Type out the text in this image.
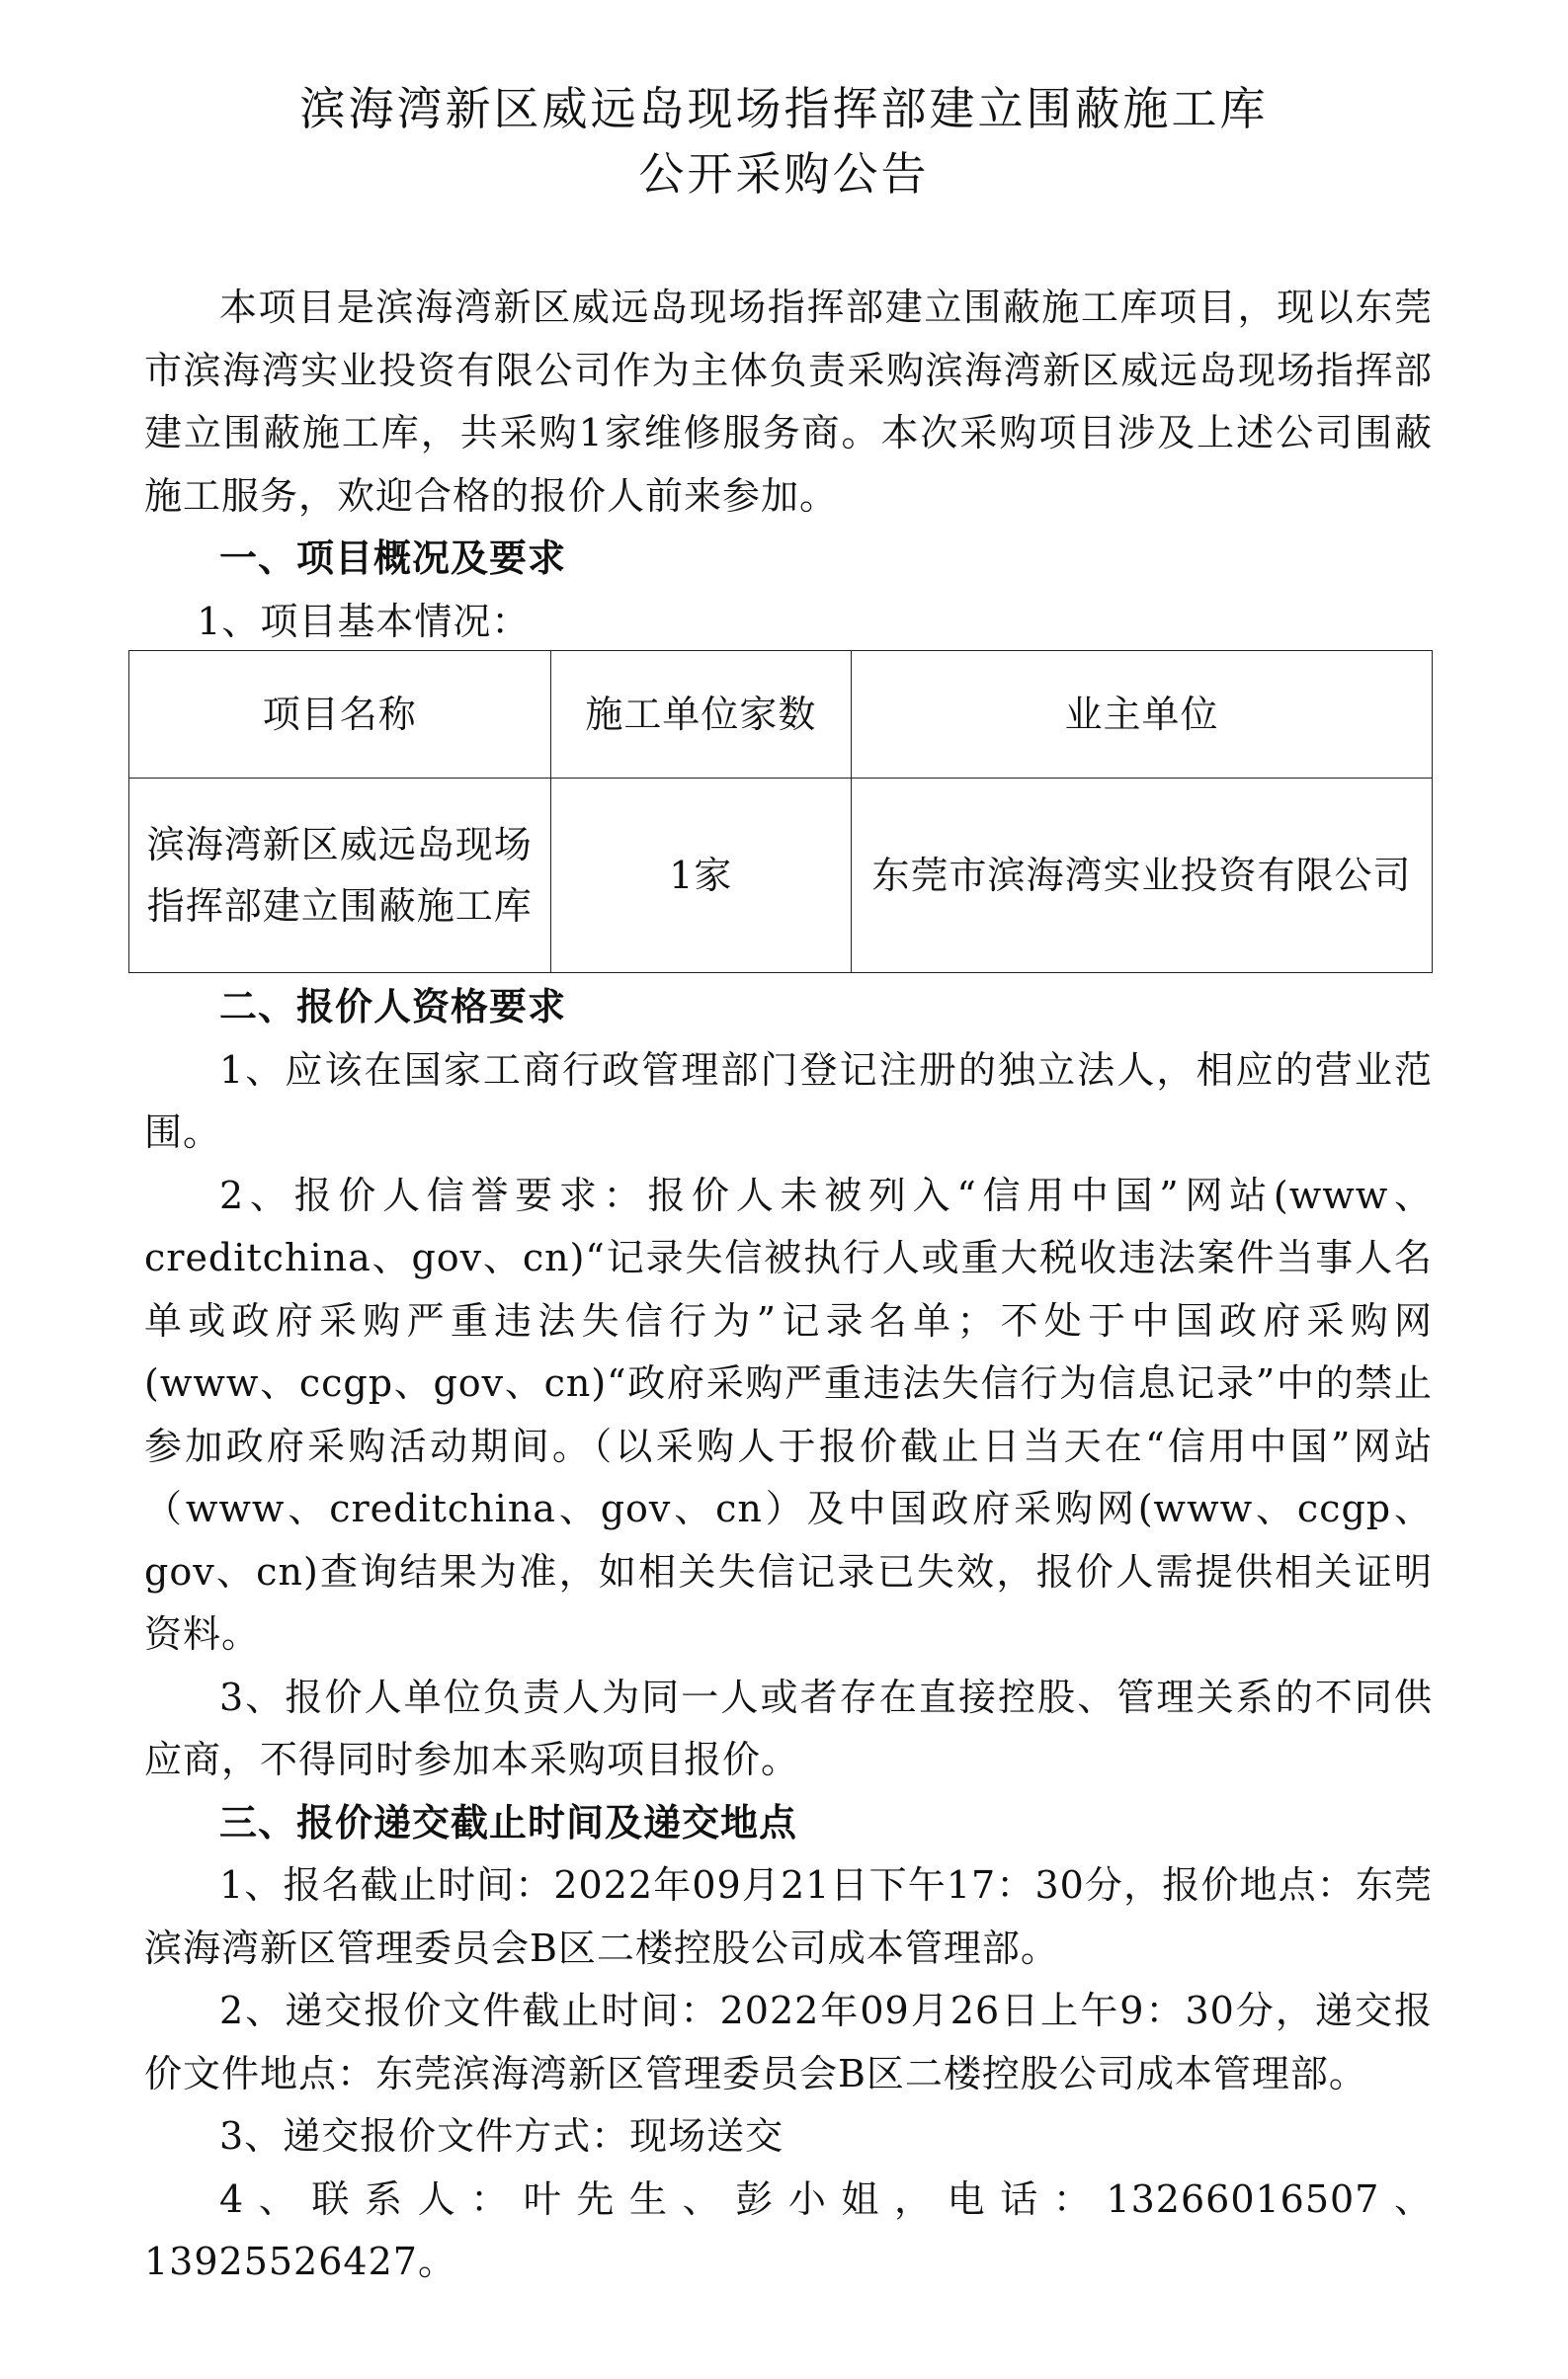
滨海湾新区威远岛现场指挥部建立围蔽施工库
公开采购公告

本项目是滨海湾新区威远岛现场指挥部建立围蔽施工库项目，现以东莞市滨海湾实业投资有限公司作为主体负责采购滨海湾新区威远岛现场指挥部建立围蔽施工库，共采购1家维修服务商。本次采购项目涉及上述公司围蔽施工服务，欢迎合格的报价人前来参加。

一、项目概况及要求

1、项目基本情况：

项目名称	施工单位家数	业主单位
滨海湾新区威远岛现场指挥部建立围蔽施工库	1家	东莞市滨海湾实业投资有限公司

二、报价人资格要求

1、应该在国家工商行政管理部门登记注册的独立法人，相应的营业范围。

2、报价人信誉要求：报价人未被列入“信用中国”网站(www、creditchina、gov、cn)“记录失信被执行人或重大税收违法案件当事人名单或政府采购严重违法失信行为”记录名单；不处于中国政府采购网(www、ccgp、gov、cn)“政府采购严重违法失信行为信息记录”中的禁止参加政府采购活动期间。（以采购人于报价截止日当天在“信用中国”网站（www、creditchina、gov、cn）及中国政府采购网(www、ccgp、gov、cn)查询结果为准，如相关失信记录已失效，报价人需提供相关证明资料。

3、报价人单位负责人为同一人或者存在直接控股、管理关系的不同供应商，不得同时参加本采购项目报价。

三、报价递交截止时间及递交地点

1、报名截止时间：2022年09月21日下午17：30分，报价地点：东莞滨海湾新区管理委员会B区二楼控股公司成本管理部。

2、递交报价文件截止时间：2022年09月26日上午9：30分，递交报价文件地点：东莞滨海湾新区管理委员会B区二楼控股公司成本管理部。

3、递交报价文件方式：现场送交

4、联系人：叶先生、彭小姐，电话：13266016507、13925526427。
